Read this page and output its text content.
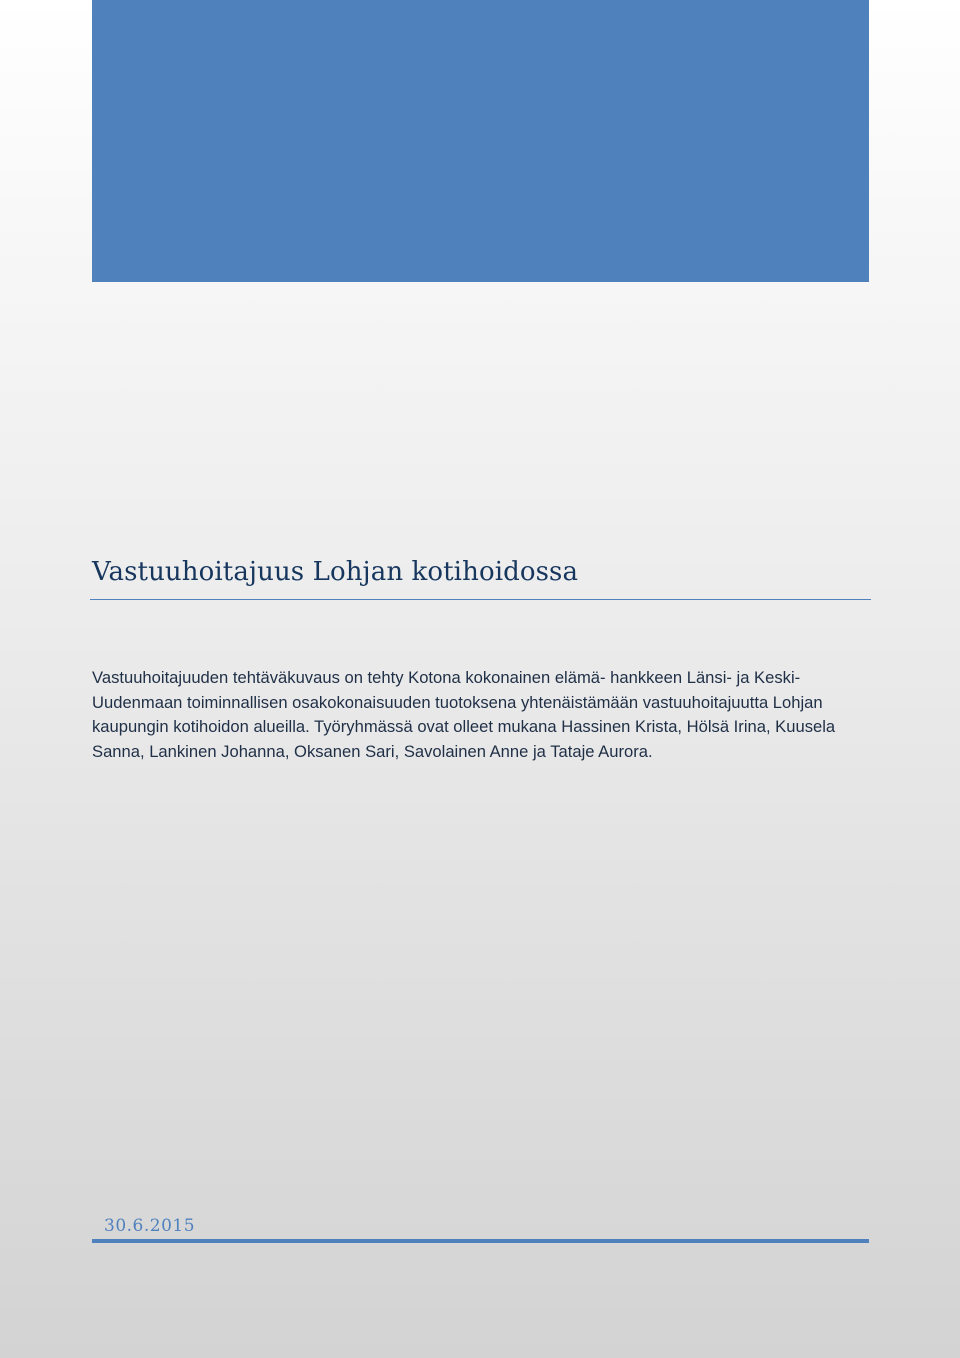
Vastuuhoitajuus Lohjan kotihoidossa

Vastuuhoitajuuden tehtäväkuvaus on tehty Kotona kokonainen elämä- hankkeen Länsi- ja Keski-Uudenmaan toiminnallisen osakokonaisuuden tuotoksena yhtenäistämään vastuuhoitajuutta Lohjan kaupungin kotihoidon alueilla. Työryhmässä ovat olleet mukana Hassinen Krista, Hölsä Irina, Kuusela Sanna, Lankinen Johanna, Oksanen Sari, Savolainen Anne ja Tataje Aurora.

30.6.2015
